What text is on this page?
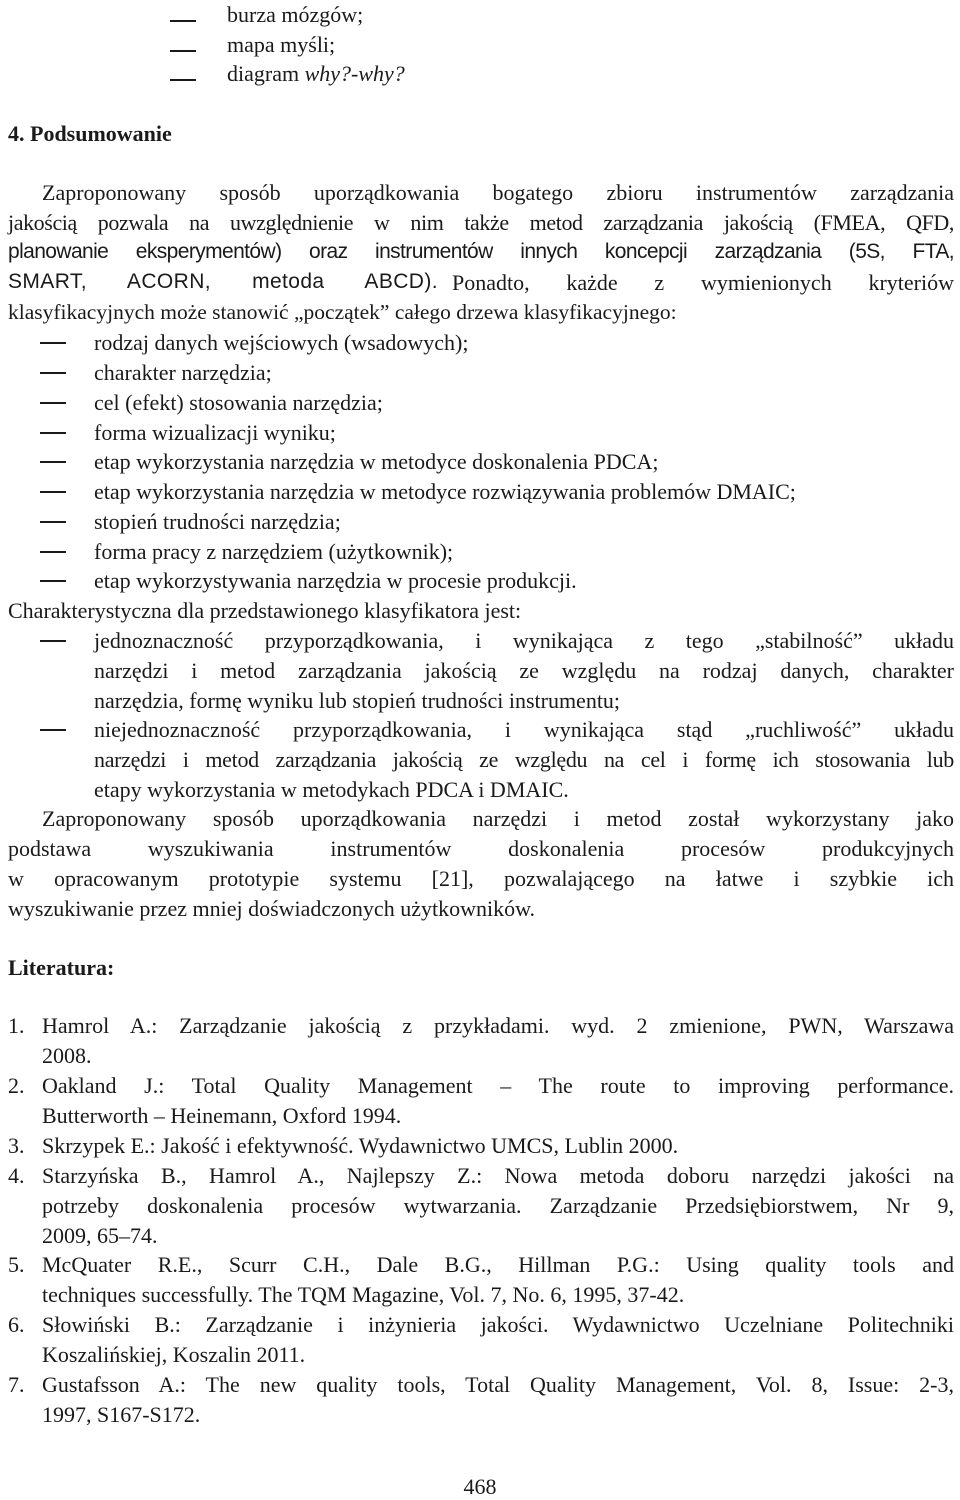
burza mózgów;
mapa myśli;
diagram why?-why?
4. Podsumowanie
Zaproponowany sposób uporządkowania bogatego zbioru instrumentów zarządzania
jakością pozwala na uwzględnienie w nim także metod zarządzania jakością (FMEA, QFD,
planowanie eksperymentów) oraz instrumentów innych koncepcji zarządzania (5S, FTA,
SMART, ACORN, metoda ABCD). Ponadto, każde z wymienionych kryteriów
klasyfikacyjnych może stanowić „początek” całego drzewa klasyfikacyjnego:
rodzaj danych wejściowych (wsadowych);
charakter narzędzia;
cel (efekt) stosowania narzędzia;
forma wizualizacji wyniku;
etap wykorzystania narzędzia w metodyce doskonalenia PDCA;
etap wykorzystania narzędzia w metodyce rozwiązywania problemów DMAIC;
stopień trudności narzędzia;
forma pracy z narzędziem (użytkownik);
etap wykorzystywania narzędzia w procesie produkcji.
Charakterystyczna dla przedstawionego klasyfikatora jest:
jednoznaczność przyporządkowania, i wynikająca z tego „stabilność” układu
narzędzi i metod zarządzania jakością ze względu na rodzaj danych, charakter
narzędzia, formę wyniku lub stopień trudności instrumentu;
niejednoznaczność przyporządkowania, i wynikająca stąd „ruchliwość” układu
narzędzi i metod zarządzania jakością ze względu na cel i formę ich stosowania lub
etapy wykorzystania w metodykach PDCA i DMAIC.
Zaproponowany sposób uporządkowania narzędzi i metod został wykorzystany jako
podstawa wyszukiwania instrumentów doskonalenia procesów produkcyjnych
w opracowanym prototypie systemu [21], pozwalającego na łatwe i szybkie ich
wyszukiwanie przez mniej doświadczonych użytkowników.
Literatura:
1. Hamrol A.: Zarządzanie jakością z przykładami. wyd. 2 zmienione, PWN, Warszawa
2008.
2. Oakland J.: Total Quality Management – The route to improving performance.
Butterworth – Heinemann, Oxford 1994.
3. Skrzypek E.: Jakość i efektywność. Wydawnictwo UMCS, Lublin 2000.
4. Starzyńska B., Hamrol A., Najlepszy Z.: Nowa metoda doboru narzędzi jakości na
potrzeby doskonalenia procesów wytwarzania. Zarządzanie Przedsiębiorstwem, Nr 9,
2009, 65–74.
5. McQuater R.E., Scurr C.H., Dale B.G., Hillman P.G.: Using quality tools and
techniques successfully. The TQM Magazine, Vol. 7, No. 6, 1995, 37-42.
6. Słowiński B.: Zarządzanie i inżynieria jakości. Wydawnictwo Uczelniane Politechniki
Koszalińskiej, Koszalin 2011.
7. Gustafsson A.: The new quality tools, Total Quality Management, Vol. 8, Issue: 2-3,
1997, S167-S172.
468
